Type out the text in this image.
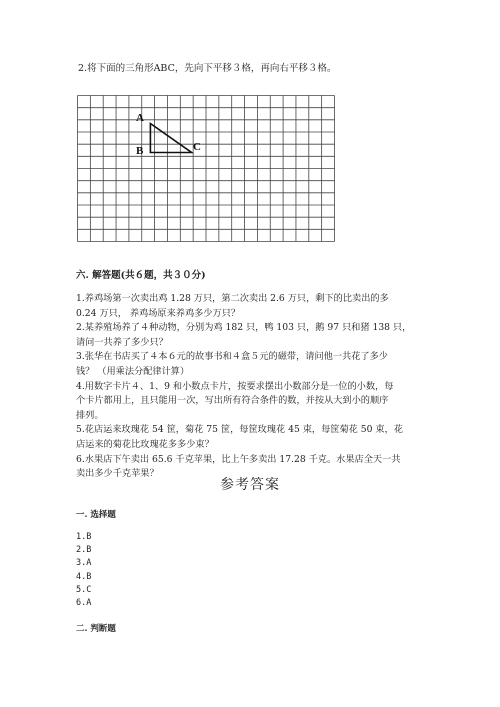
2.将下面的三角形ABC，先向下平移３格，再向右平移３格。
A
B	C
六. 解答题(共６题，共３０分)
1.养鸡场第一次卖出鸡 1.28 万只，第二次卖出 2.6 万只，剩下的比卖出的多
0.24 万只， 养鸡场原来养鸡多少万只？
2.某养殖场养了４种动物，分别为鸡 182 只，鸭 103 只，鹅 97 只和猪 138 只，
请问一共养了多少只？
3.张华在书店买了４本６元的故事书和４盒５元的磁带，请问他一共花了多少
钱？ （用乘法分配律计算）
4.用数字卡片４、1、9 和小数点卡片，按要求摆出小数部分是一位的小数，每
个卡片都用上，且只能用一次，写出所有符合条件的数，并按从大到小的顺序
排列。
5.花店运来玫瑰花 54 筐，菊花 75 筐，每筐玫瑰花 45 束，每筐菊花 50 束，花
店运来的菊花比玫瑰花多多少束？
6.水果店下午卖出 65.6 千克苹果，比上午多卖出 17.28 千克。水果店全天一共
卖出多少千克苹果？
参考答案
一. 选择题
1.B
2.B
3.A
4.B
5.C
6.A
二. 判断题
